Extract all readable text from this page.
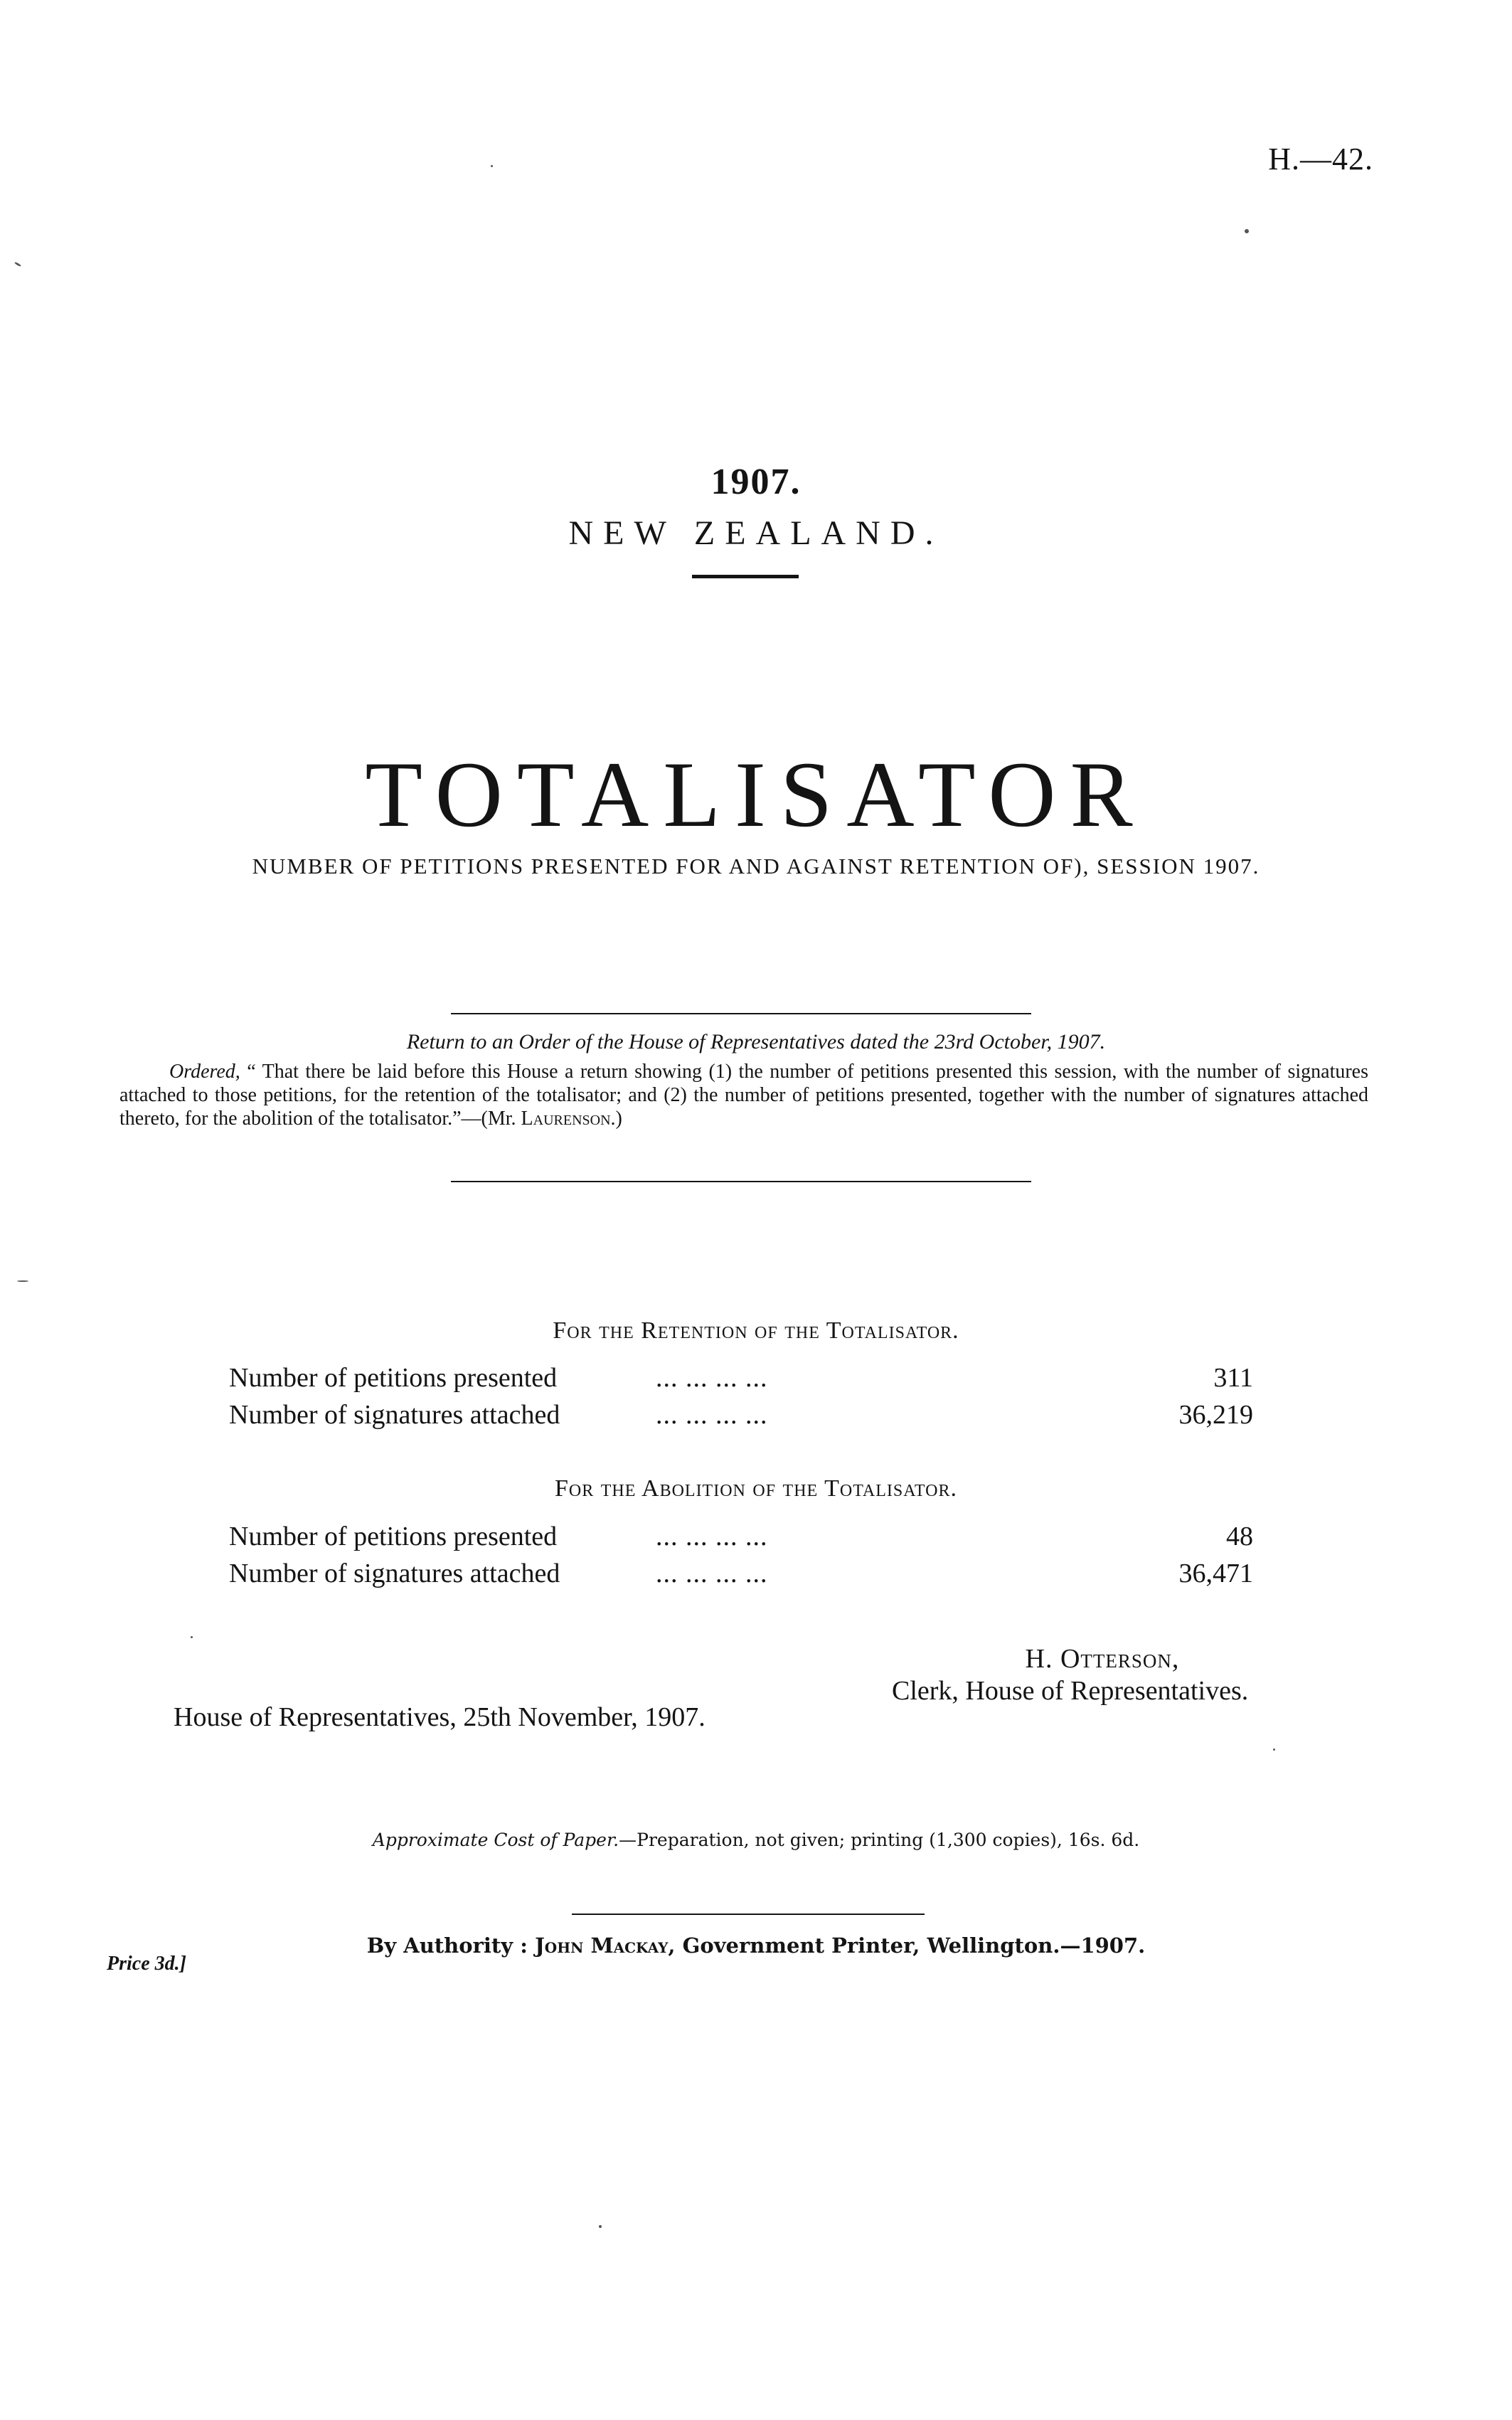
H.—42.
1907.
NEW ZEALAND.
TOTALISATOR
NUMBER OF PETITIONS PRESENTED FOR AND AGAINST RETENTION OF), SESSION 1907.
Return to an Order of the House of Representatives dated the 23rd October, 1907.
Ordered, “ That there be laid before this House a return showing (1) the number of petitions presented this session, with the number of signatures attached to those petitions, for the retention of the totalisator; and (2) the number of petitions presented, together with the number of signatures attached thereto, for the abolition of the totalisator.”—(Mr. Laurenson.)
For the Retention of the Totalisator.
Number of petitions presented	... ... ... ...	311
Number of signatures attached	... ... ... ...	36,219
For the Abolition of the Totalisator.
Number of petitions presented	... ... ... ...	48
Number of signatures attached	... ... ... ...	36,471
H. Otterson,
Clerk, House of Representatives.
House of Representatives, 25th November, 1907.
Approximate Cost of Paper.—Preparation, not given; printing (1,300 copies), 16s. 6d.
By Authority : John Mackay, Government Printer, Wellington.—1907.
Price 3d.]
